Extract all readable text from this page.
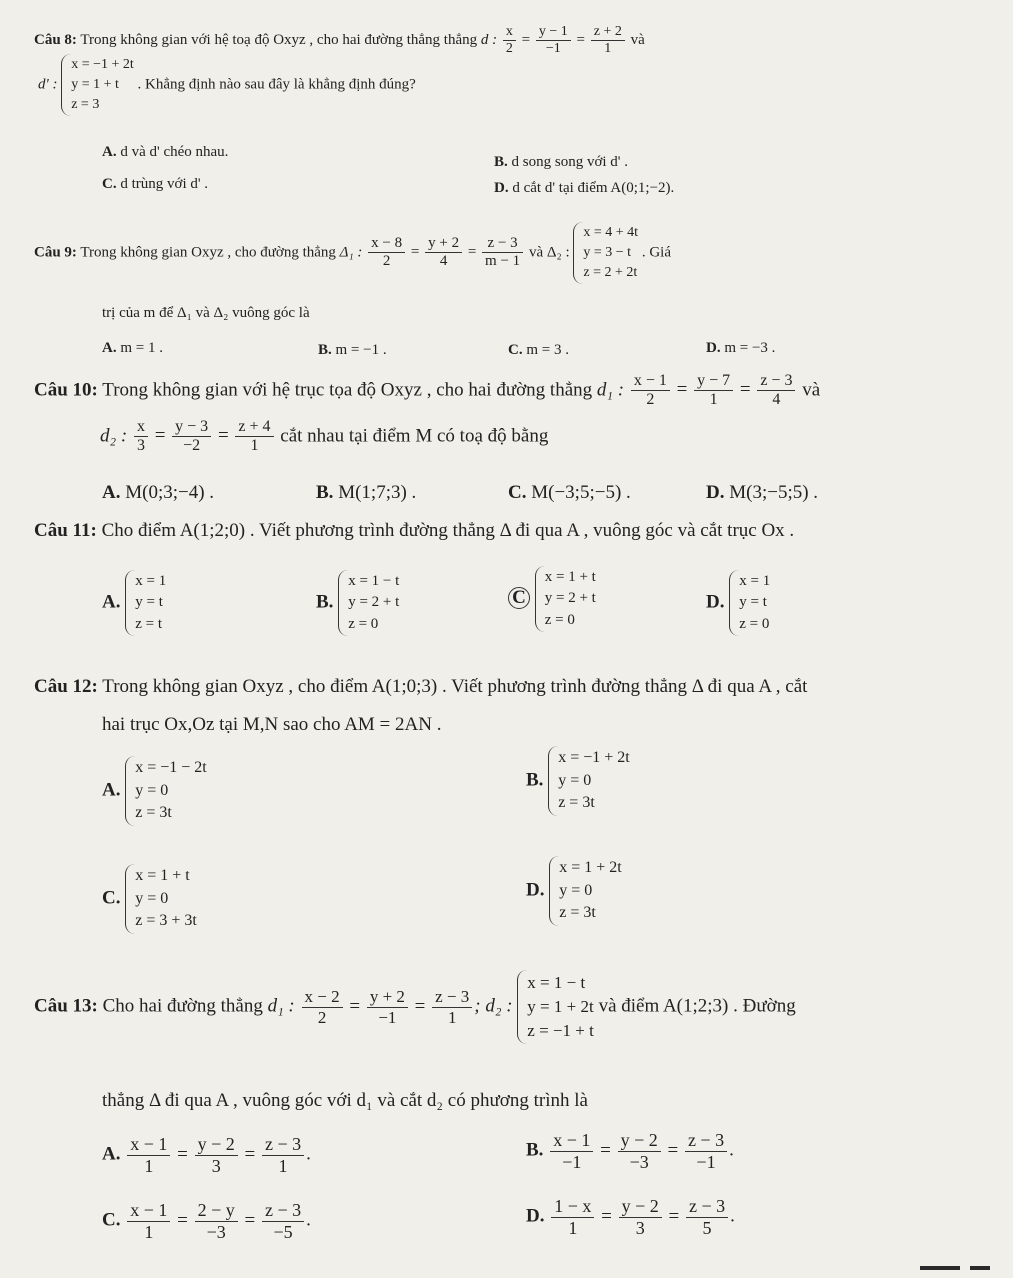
Câu 8: Trong không gian với hệ toạ độ Oxyz , cho hai đường thẳng thẳng d : $\frac{x}{2} = \frac{y - 1}{-1} = \frac{z + 2}{1}$ và
d' :
x = −1 + 2t
y = 1 + t
z = 3
. Khẳng định nào sau đây là khẳng định đúng?
A. d và d' chéo nhau.
B. d song song với d' .
C. d trùng với d' .	D. d cắt d' tại điểm A(0;1;−2).
Câu 9: Trong không gian Oxyz , cho đường thẳng Δ₁ : $\frac{x - 8}{2} = \frac{y + 2}{4} = \frac{z - 3}{m - 1}$ và Δ₂ :
x = 4 + 4t
y = 3 − t
z = 2 + 2t
. Giá
trị của m để Δ₁ và Δ₂ vuông góc là
A. m = 1 .	B. m = −1 .	C. m = 3 .	D. m = −3 .
Câu 10: Trong không gian với hệ trục tọa độ Oxyz , cho hai đường thẳng d₁ : $\frac{x - 1}{2} = \frac{y - 7}{1} = \frac{z - 3}{4}$ và
d₂ : $\frac{x}{3} = \frac{y - 3}{-2} = \frac{z + 4}{1}$ cắt nhau tại điểm M có toạ độ bằng
A. M(0;3;−4) .	B. M(1;7;3) .	C. M(−3;5;−5) .	D. M(3;−5;5) .
Câu 11: Cho điểm A(1;2;0) . Viết phương trình đường thẳng Δ đi qua A , vuông góc và cắt trục Ox .
A.
x = 1
y = t
z = t
B.
x = 1 − t
y = 2 + t
z = 0
C
x = 1 + t
y = 2 + t
z = 0
D.
x = 1
y = t
z = 0
Câu 12: Trong không gian Oxyz , cho điểm A(1;0;3) . Viết phương trình đường thẳng Δ đi qua A , cắt
hai trục Ox,Oz tại M,N sao cho AM = 2AN .
A.
x = −1 − 2t
y = 0
z = 3t
B.
x = −1 + 2t
y = 0
z = 3t
C.
x = 1 + t
y = 0
z = 3 + 3t
D.
x = 1 + 2t
y = 0
z = 3t
Câu 13: Cho hai đường thẳng d₁ : $\frac{x - 2}{2} = \frac{y + 2}{-1} = \frac{z - 3}{1}$ ; d₂ :
x = 1 − t
y = 1 + 2t
z = −1 + t
và điểm A(1;2;3) . Đường
thẳng Δ đi qua A , vuông góc với d₁ và cắt d₂ có phương trình là
A. $\frac{x - 1}{1} = \frac{y - 2}{3} = \frac{z - 3}{1}$ .	B. $\frac{x - 1}{-1} = \frac{y - 2}{-3} = \frac{z - 3}{-1}$ .
C. $\frac{x - 1}{1} = \frac{2 - y}{-3} = \frac{z - 3}{-5}$ .	D. $\frac{1 - x}{1} = \frac{y - 2}{3} = \frac{z - 3}{5}$ .
